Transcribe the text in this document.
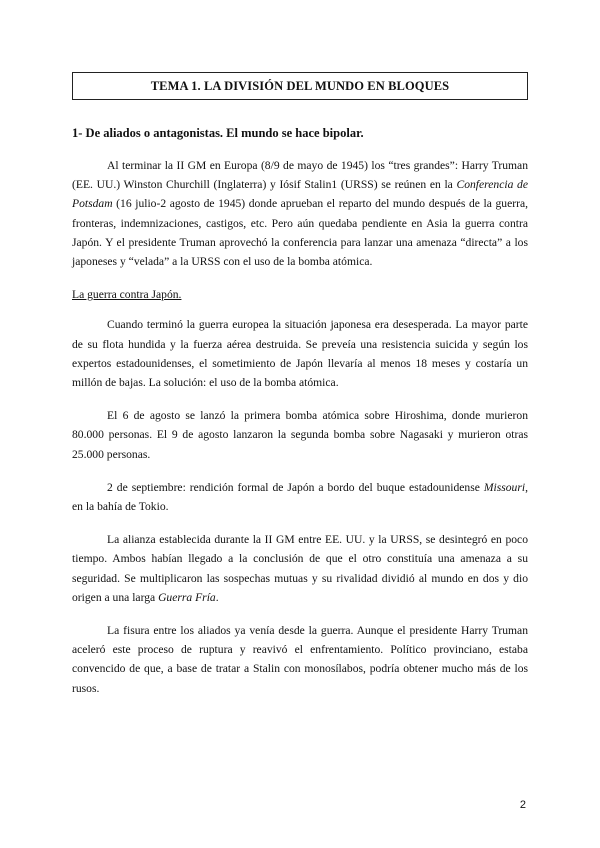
TEMA 1. LA DIVISIÓN DEL MUNDO EN BLOQUES
1- De aliados o antagonistas. El mundo se hace bipolar.

Al terminar la II GM en Europa (8/9 de mayo de 1945) los “tres grandes”: Harry Truman (EE. UU.) Winston Churchill (Inglaterra) y Iósif Stalin1 (URSS) se reúnen en la Conferencia de Potsdam (16 julio-2 agosto de 1945) donde aprueban el reparto del mundo después de la guerra, fronteras, indemnizaciones, castigos, etc. Pero aún quedaba pendiente en Asia la guerra contra Japón. Y el presidente Truman aprovechó la conferencia para lanzar una amenaza “directa” a los japoneses y “velada” a la URSS con el uso de la bomba atómica.

La guerra contra Japón.

Cuando terminó la guerra europea la situación japonesa era desesperada. La mayor parte de su flota hundida y la fuerza aérea destruida. Se preveía una resistencia suicida y según los expertos estadounidenses, el sometimiento de Japón llevaría al menos 18 meses y costaría un millón de bajas. La solución: el uso de la bomba atómica.

El 6 de agosto se lanzó la primera bomba atómica sobre Hiroshima, donde murieron 80.000 personas. El 9 de agosto lanzaron la segunda bomba sobre Nagasaki y murieron otras 25.000 personas.

2 de septiembre: rendición formal de Japón a bordo del buque estadounidense Missouri, en la bahía de Tokio.

La alianza establecida durante la II GM entre EE. UU. y la URSS, se desintegró en poco tiempo. Ambos habían llegado a la conclusión de que el otro constituía una amenaza a su seguridad. Se multiplicaron las sospechas mutuas y su rivalidad dividió al mundo en dos y dio origen a una larga Guerra Fría.

La fisura entre los aliados ya venía desde la guerra. Aunque el presidente Harry Truman aceleró este proceso de ruptura y reavivó el enfrentamiento. Político provinciano, estaba convencido de que, a base de tratar a Stalin con monosílabos, podría obtener mucho más de los rusos.

2
